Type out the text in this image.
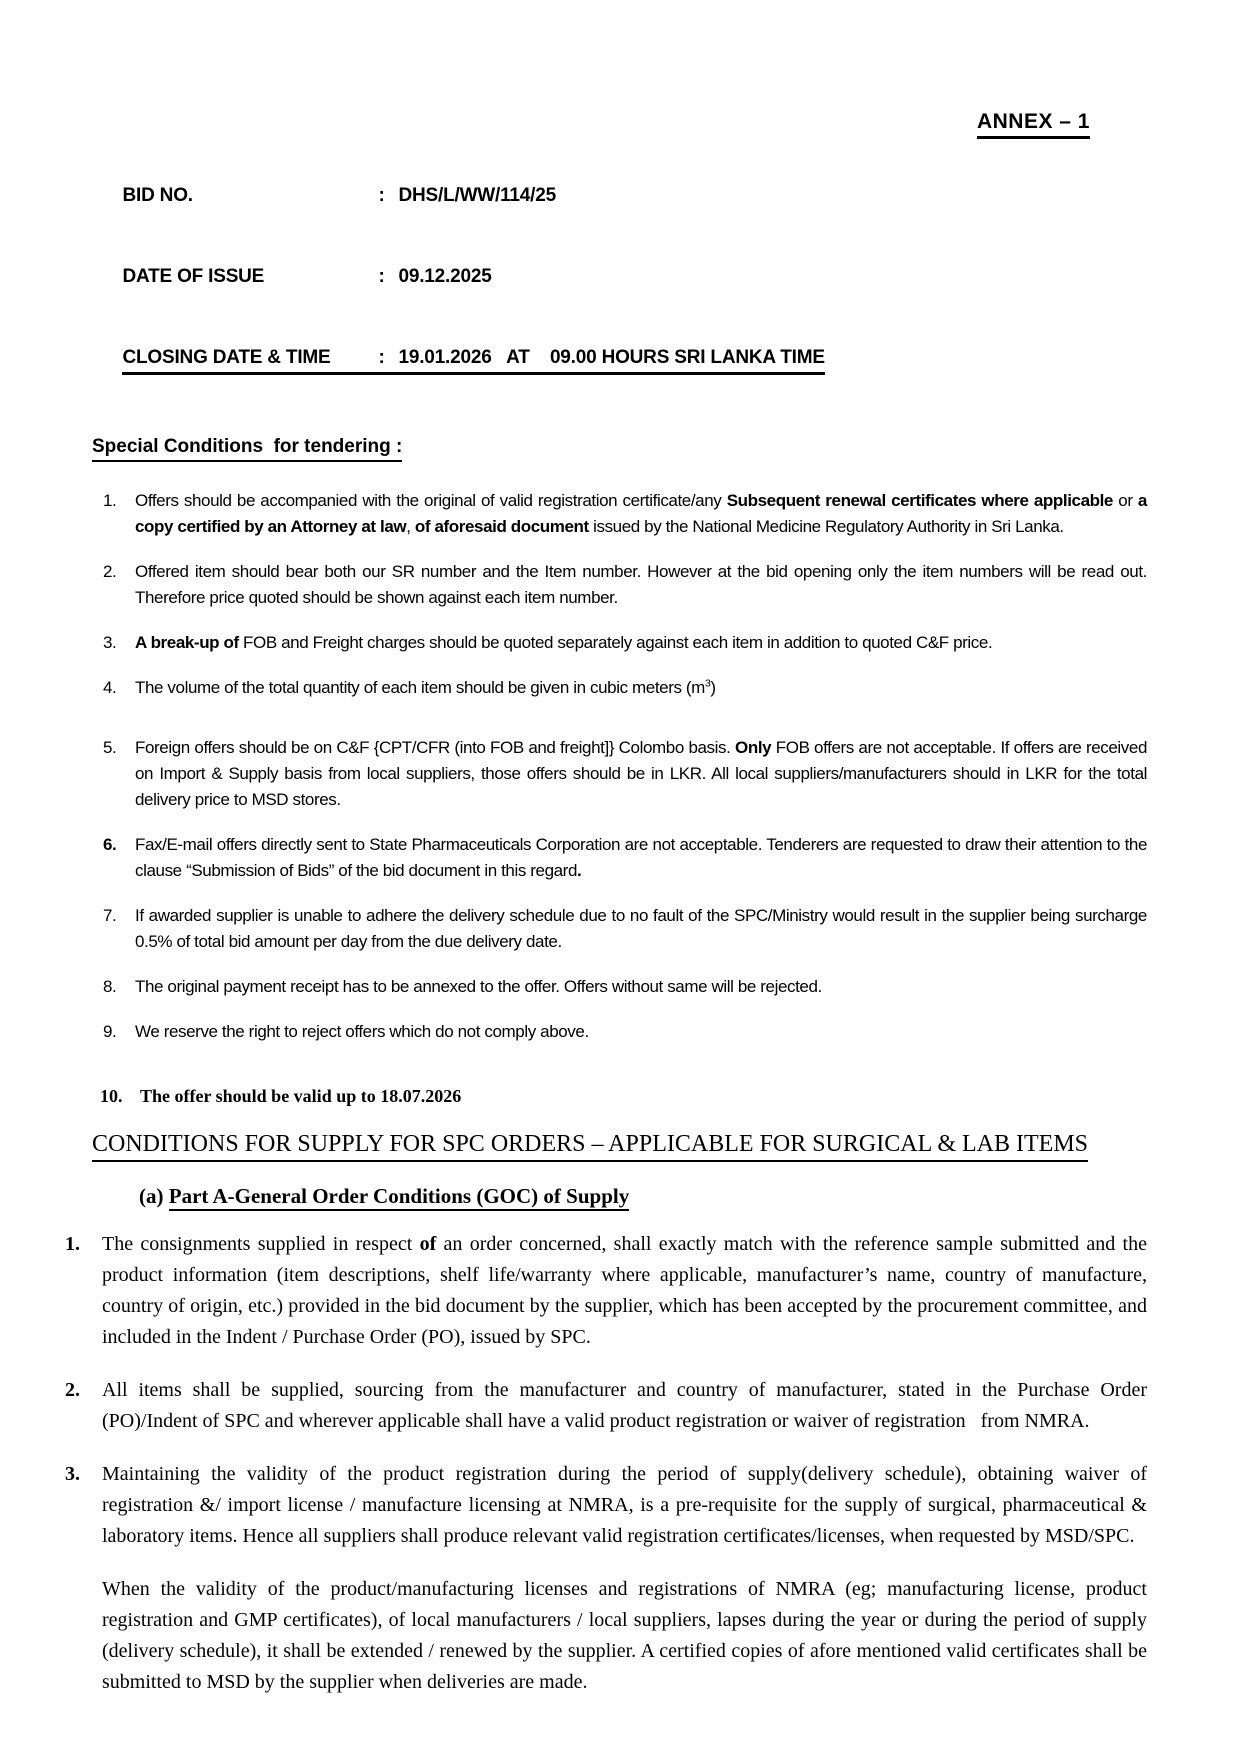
ANNEX – 1

BID NO.	: DHS/L/WW/114/25

DATE OF ISSUE	: 09.12.2025

CLOSING DATE & TIME	: 19.01.2026   AT    09.00 HOURS SRI LANKA TIME

Special Conditions  for tendering :
1.	Offers should be accompanied with the original of valid registration certificate/any Subsequent renewal certificates where applicable or a copy certified by an Attorney at law, of aforesaid document issued by the National Medicine Regulatory Authority in Sri Lanka.
2.	Offered item should bear both our SR number and the Item number. However at the bid opening only the item numbers will be read out.  Therefore price quoted should be shown against each item number.
3.	A break-up of FOB and Freight charges should be quoted separately against each item in addition to quoted C&F price.
4.	The volume of the total quantity of each item should be given in cubic meters $(m^3)$
5.	Foreign offers should be on C&F {CPT/CFR (into FOB and freight]} Colombo basis. Only FOB offers are not acceptable. If offers are received on Import & Supply basis from local suppliers, those offers should be in LKR. All local suppliers/manufacturers should in LKR for the total delivery price to MSD stores.
6.	Fax/E-mail offers directly sent to State Pharmaceuticals Corporation are not acceptable. Tenderers are requested to draw their attention to the clause “Submission of Bids” of the bid document in this regard.
7.	If awarded supplier is unable to adhere the delivery schedule due to no fault of the SPC/Ministry would result in the supplier being surcharge 0.5% of total bid amount per day from the due delivery date.
8.	The original payment receipt has to be annexed to the offer. Offers without same will be rejected.
9.	We reserve the right to reject offers which do not comply above.
10. The offer should be valid up to 18.07.2026
CONDITIONS FOR SUPPLY FOR SPC ORDERS – APPLICABLE FOR SURGICAL & LAB ITEMS
(a) Part A-General Order Conditions (GOC) of Supply
1.	The consignments supplied in respect of an order concerned, shall exactly match with the reference sample submitted and the product information (item descriptions, shelf life/warranty where applicable, manufacturer’s name, country of manufacture, country of origin, etc.) provided in the bid document by the supplier, which has been accepted by the procurement committee, and included in the Indent / Purchase Order (PO), issued by SPC.
2.	All items shall be supplied, sourcing from the manufacturer and country of manufacturer, stated in the Purchase Order (PO)/Indent of SPC and wherever applicable shall have a valid product registration or waiver of registration   from NMRA.
3.	Maintaining the validity of the product registration during the period of supply(delivery schedule), obtaining waiver of registration &/ import license / manufacture licensing at NMRA, is a pre-requisite for the supply of surgical, pharmaceutical & laboratory items. Hence all suppliers shall produce relevant valid registration certificates/licenses, when requested by MSD/SPC.
When the validity of the product/manufacturing licenses and registrations of NMRA (eg; manufacturing license, product registration and GMP certificates), of local manufacturers / local suppliers, lapses during the year or during the period of supply (delivery schedule), it shall be extended / renewed by the supplier. A certified copies of afore mentioned valid certificates shall be submitted to MSD by the supplier when deliveries are made.
